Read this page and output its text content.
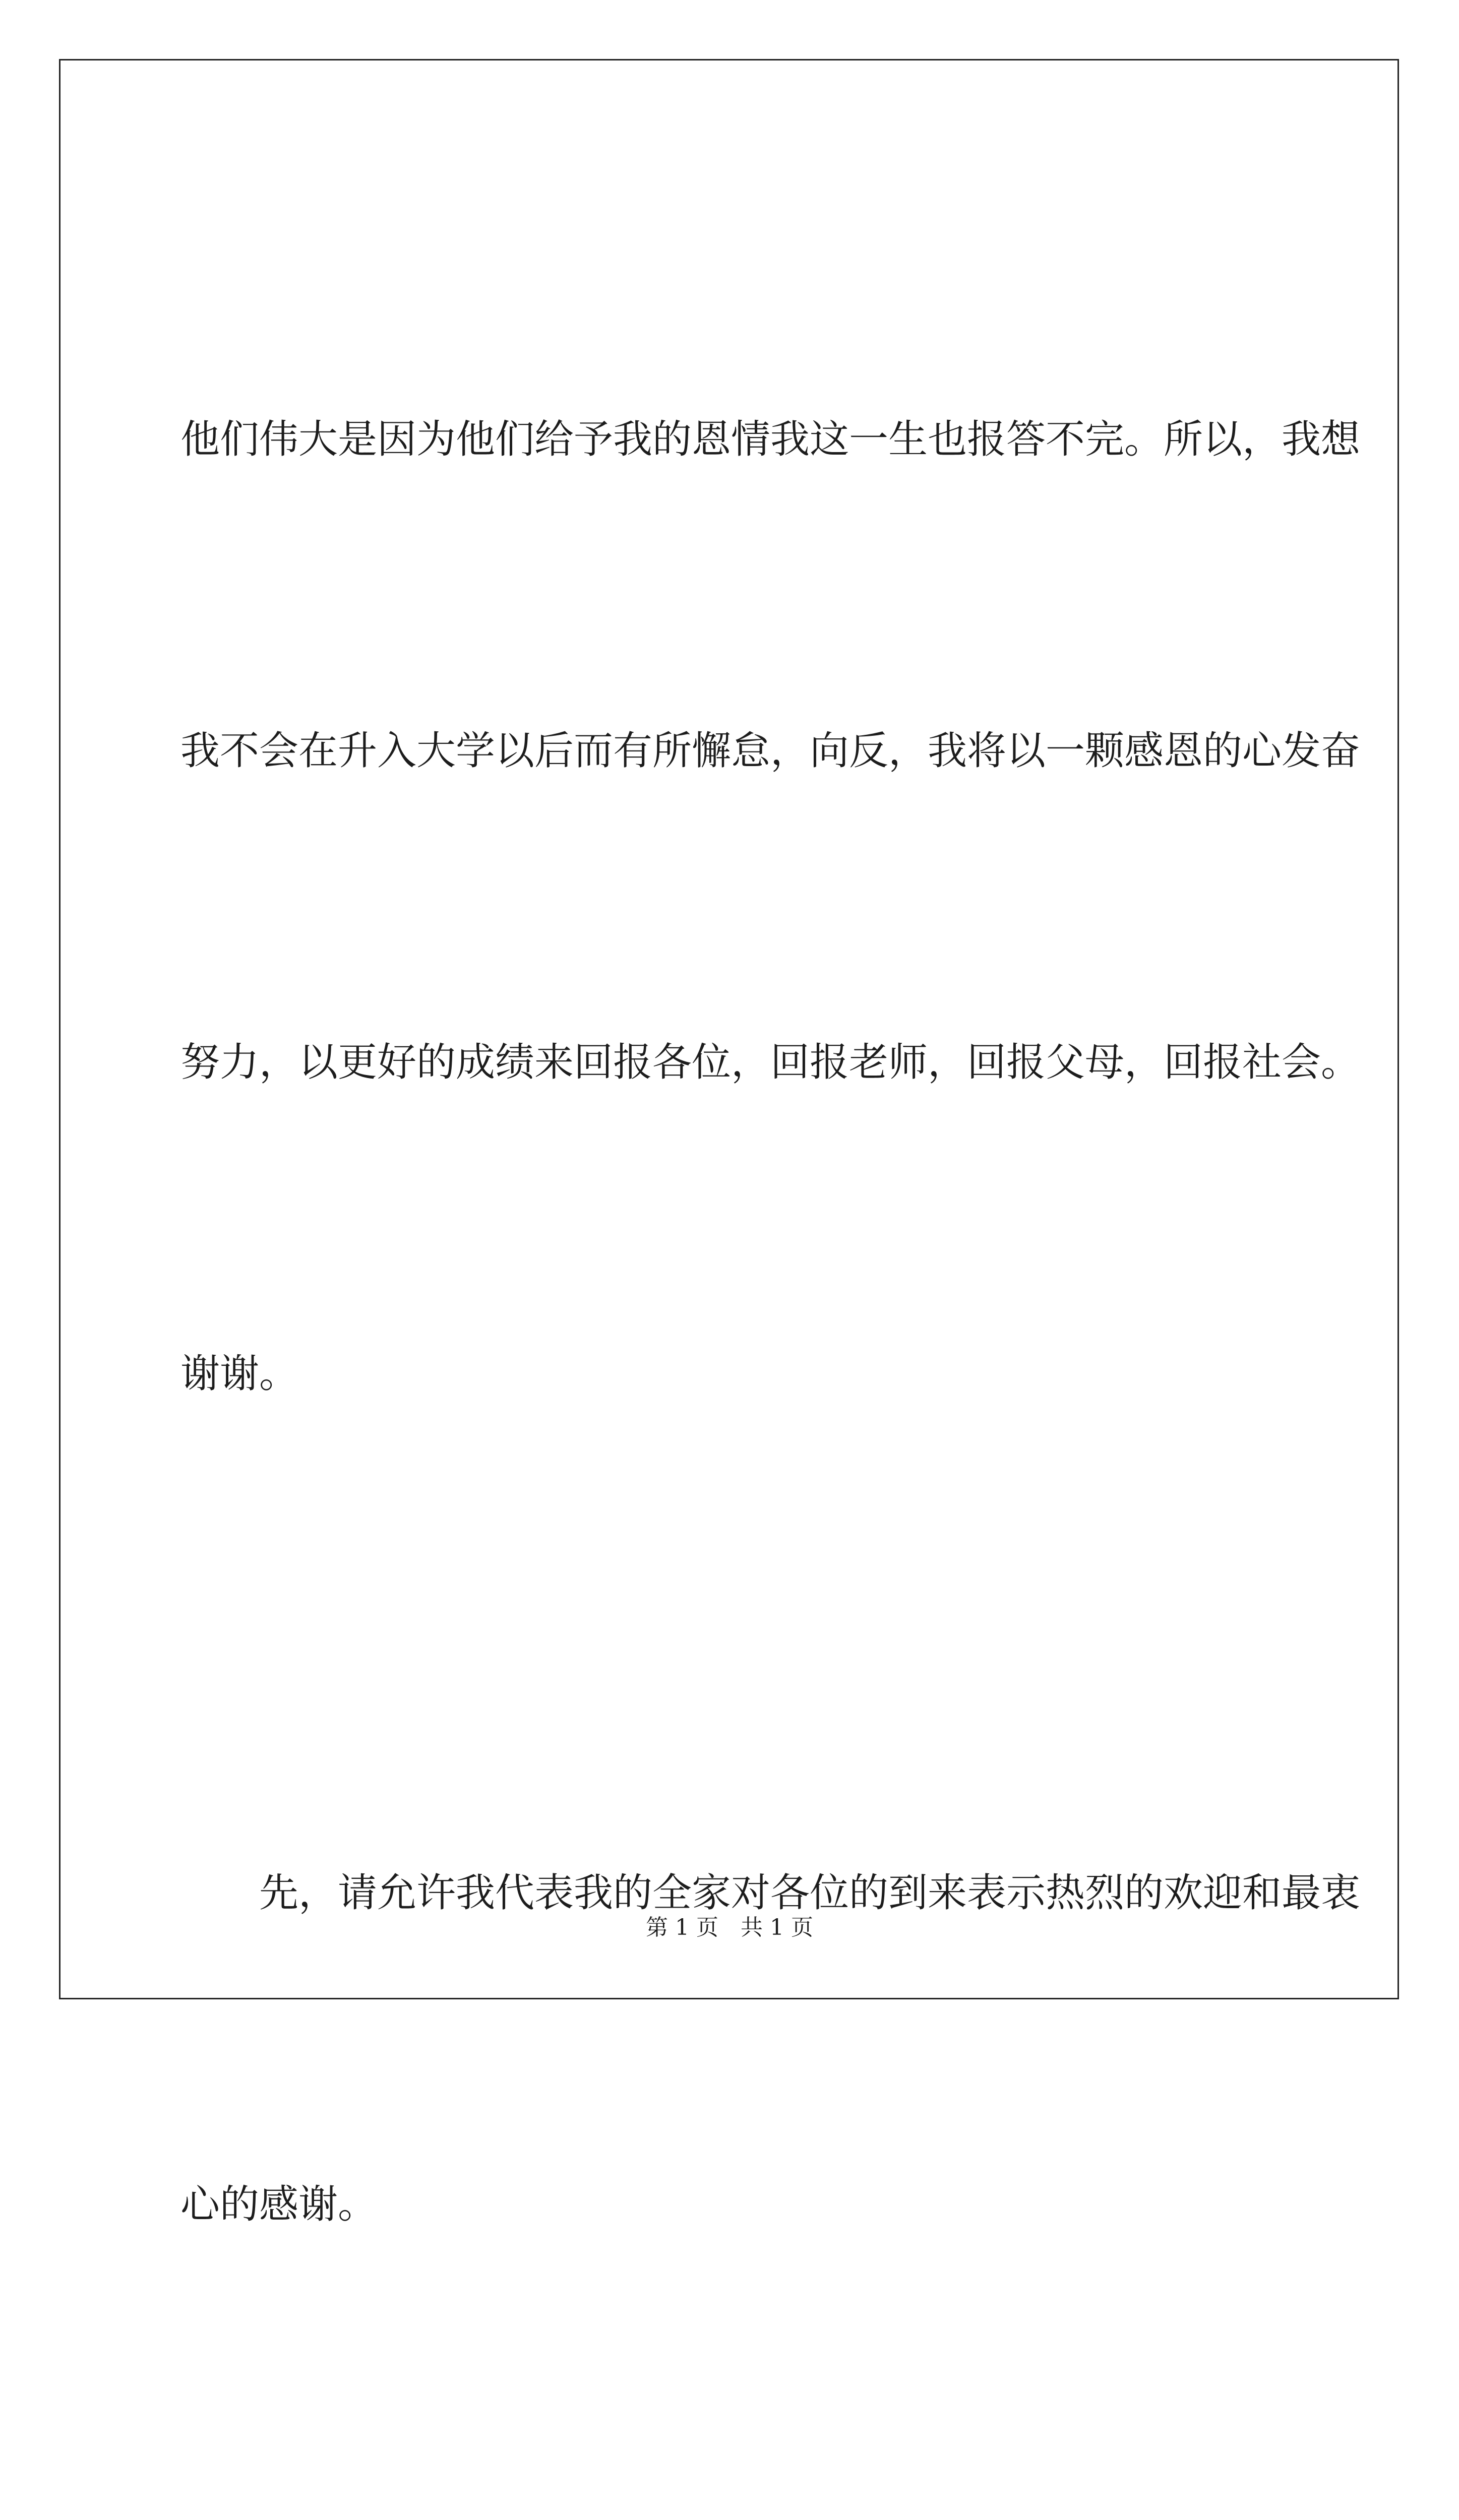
他们伟大是因为他们给予我的恩情我这一生也报答不完。所以，我想

我不会在升入大学以后而有所懈怠，向反，我将以一颗感恩的心发奋

努力，以更好的成绩来回报各位，回报老师，回报父母，回报社会。

谢谢。

先，请允许我代表我的全家对各位的到来表示热烈的欢迎和最衷

心的感谢。

第 1 页　共 1 页
